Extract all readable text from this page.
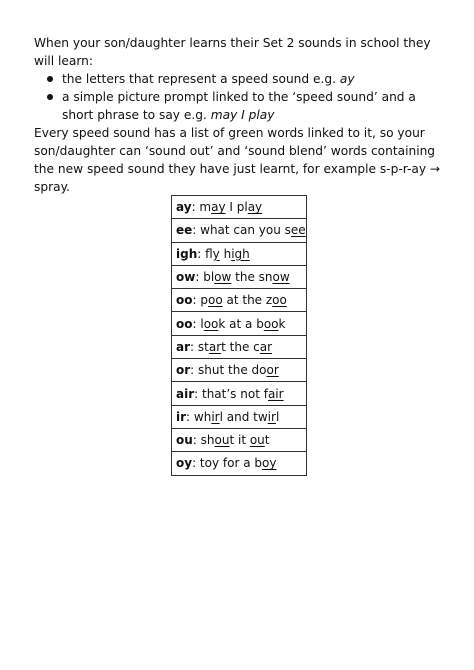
When your son/daughter learns their Set 2 sounds in school they will learn:

the letters that represent a speed sound e.g. ay
a simple picture prompt linked to the ‘speed sound’ and a short phrase to say e.g. may I play

Every speed sound has a list of green words linked to it, so your son/daughter can ‘sound out’ and ‘sound blend’ words containing the new speed sound they have just learnt, for example s-p-r-ay → spray.

ay: may I play
ee: what can you see
igh: fly high
ow: blow the snow
oo: poo at the zoo
oo: look at a book
ar: start the car
or: shut the door
air: that’s not fair
ir: whirl and twirl
ou: shout it out
oy: toy for a boy
